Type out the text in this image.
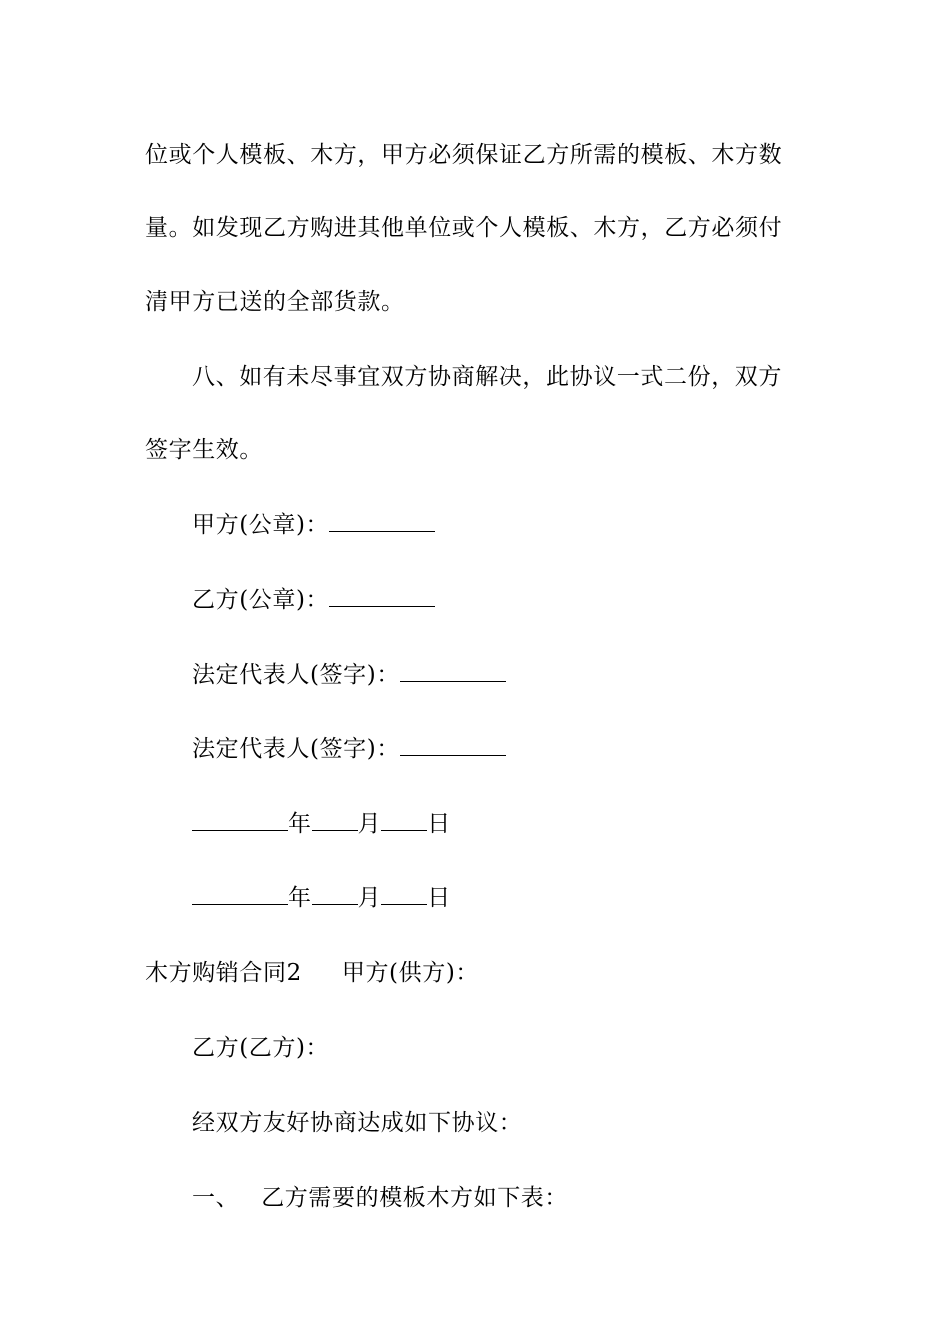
位或个人模板、木方，甲方必须保证乙方所需的模板、木方数
量。如发现乙方购进其他单位或个人模板、木方，乙方必须付
清甲方已送的全部货款。
八、如有未尽事宜双方协商解决，此协议一式二份，双方
签字生效。
甲方(公章)：
乙方(公章)：
法定代表人(签字)：
法定代表人(签字)：
年 月 日
年 月 日
木方购销合同2 甲方(供方)：
乙方(乙方)：
经双方友好协商达成如下协议：
一、 乙方需要的模板木方如下表：
